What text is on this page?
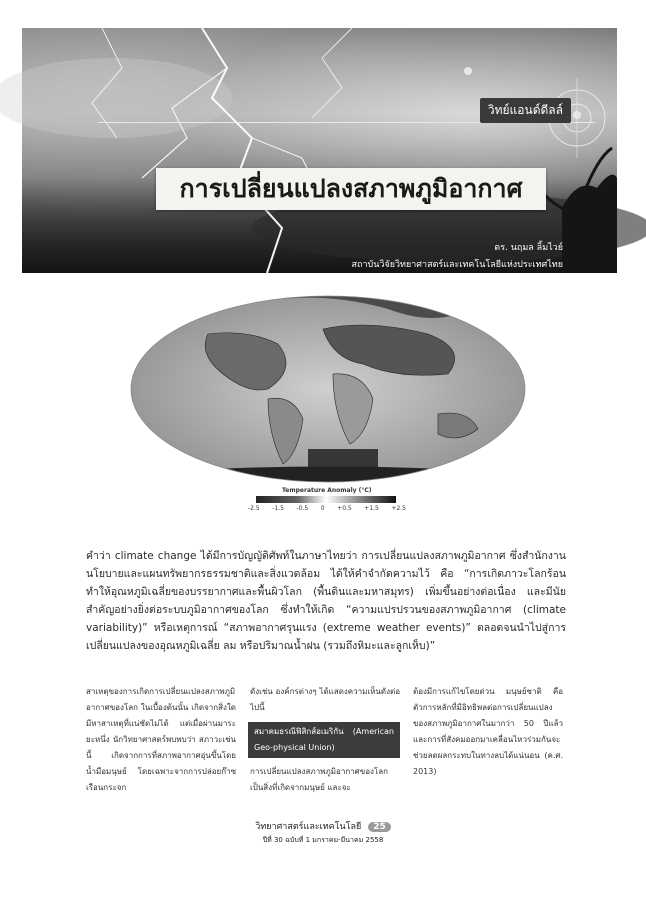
วิทย์แอนด์ดีลล์
การเปลี่ยนแปลงสภาพภูมิอากาศ
ดร. นฤมล ลิ้มไวย์
สถาบันวิจัยวิทยาศาสตร์และเทคโนโลยีแห่งประเทศไทย
35 หมู่ที่ 3 เทคโนธานี ตำบลคลองห้า
อำเภอคลองหลวง จังหวัดปทุมธานี 12120
Temperature Anomaly (°C)
-2.5 -1.5 -0.5 0 +0.5 +1.5 +2.5

คำว่า climate change ได้มีการบัญญัติศัพท์ในภาษาไทยว่า การเปลี่ยนแปลงสภาพภูมิอากาศ ซึ่งสำนักงานนโยบายและแผนทรัพยากรธรรมชาติและสิ่งแวดล้อม ได้ให้คำจำกัดความไว้ คือ “การเกิดภาวะโลกร้อนทำให้อุณหภูมิเฉลี่ยของบรรยากาศและพื้นผิวโลก (พื้นดินและมหาสมุทร) เพิ่มขึ้นอย่างต่อเนื่อง และมีนัยสำคัญอย่างยิ่งต่อระบบภูมิอากาศของโลก ซึ่งทำให้เกิด “ความแปรปรวนของสภาพภูมิอากาศ (climate variability)” หรือเหตุการณ์ “สภาพอากาศรุนแรง (extreme weather events)” ตลอดจนนำไปสู่การเปลี่ยนแปลงของอุณหภูมิเฉลี่ย ลม หรือปริมาณน้ำฝน (รวมถึงหิมะและลูกเห็บ)”

สาเหตุของการเกิดการเปลี่ยนแปลงสภาพภูมิอากาศของโลก ในเบื้องต้นนั้น เกิดจากสิ่งใด มีหาสาเหตุที่แน่ชัดไม่ได้ แต่เมื่อผ่านมาระยะหนึ่ง นักวิทยาศาสตร์พบพบว่า สภาวะเช่นนี้ เกิดจากการที่สภาพอากาศอุ่นขึ้นโดยน้ำมือมนุษย์ โดยเฉพาะจากการปล่อยก๊าซเรือนกระจก
ดังเช่น องค์กรต่างๆ ได้แสดงความเห็นดังต่อไปนี้
สมาคมธรณีฟิสิกส์อเมริกัน (American Geo-physical Union)
การเปลี่ยนแปลงสภาพภูมิอากาศของโลกเป็นสิ่งที่เกิดจากมนุษย์ และจะ
ต้องมีการแก้ไขโดยด่วน มนุษย์ชาติ คือตัวการหลักที่มีอิทธิพลต่อการเปลี่ยนแปลงของสภาพภูมิอากาศในมากว่า 50 ปีแล้ว และการที่สังคมออกมาเคลื่อนไหวร่วมกันจะช่วยลดผลกระทบในทางลบได้แน่นอน (ค.ศ. 2013)
วิทยาศาสตร์และเทคโนโลยี 25
ปีที่ 30 ฉบับที่ 1 มกราคม-มีนาคม 2558
